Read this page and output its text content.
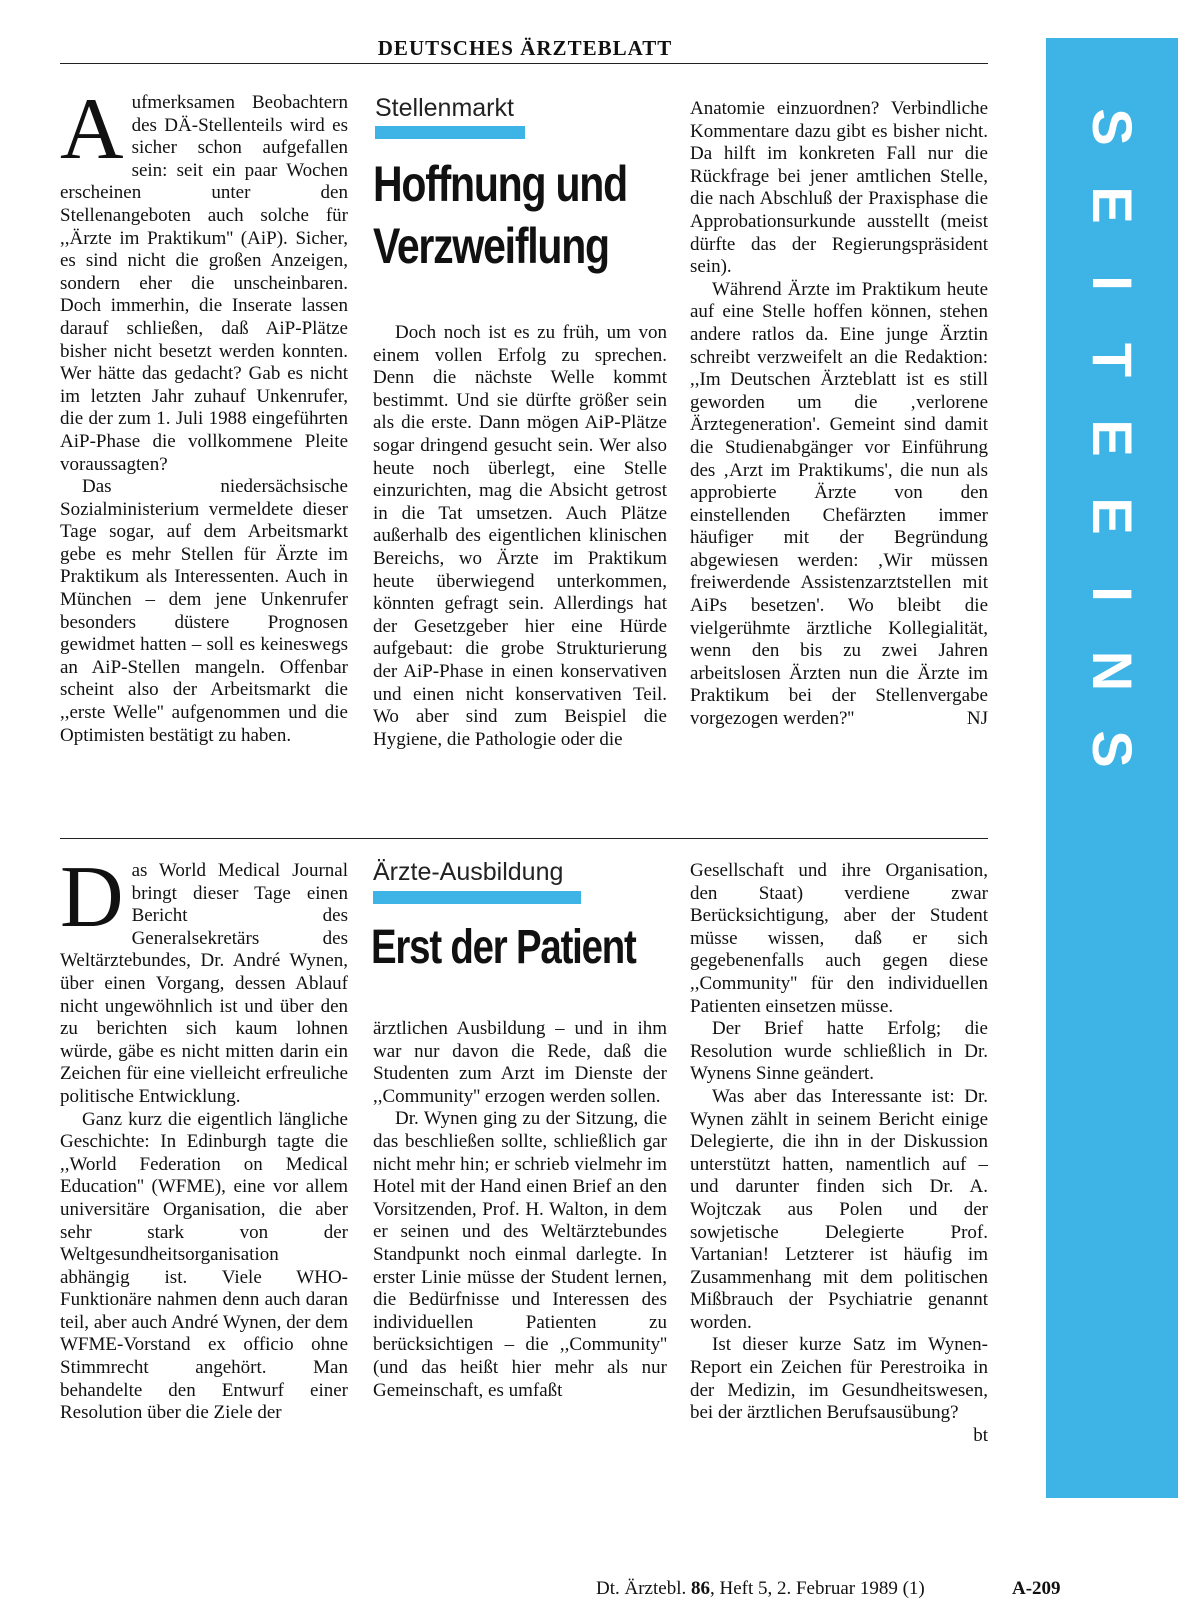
DEUTSCHES ÄRZTEBLATT
S
E
I
T
E
E
I
N
S
A ufmerksamen Beobachtern des DÄ-Stellenteils wird es sicher schon aufgefallen sein: seit ein paar Wochen erscheinen unter den Stellenangeboten auch solche für ,,Ärzte im Praktikum'' (AiP). Sicher, es sind nicht die großen Anzeigen, sondern eher die unscheinbaren. Doch immerhin, die Inserate lassen darauf schließen, daß AiP-Plätze bisher nicht besetzt werden konnten. Wer hätte das gedacht? Gab es nicht im letzten Jahr zuhauf Unkenrufer, die der zum 1. Juli 1988 eingeführten AiP-Phase die vollkommene Pleite voraussagten?

Das niedersächsische Sozialministerium vermeldete dieser Tage sogar, auf dem Arbeitsmarkt gebe es mehr Stellen für Ärzte im Praktikum als Interessenten. Auch in München – dem jene Unkenrufer besonders düstere Prognosen gewidmet hatten – soll es keineswegs an AiP-Stellen mangeln. Offenbar scheint also der Arbeitsmarkt die ,,erste Welle'' aufgenommen und die Optimisten bestätigt zu haben.

Stellenmarkt
Hoffnung und
Verzweiflung

Doch noch ist es zu früh, um von einem vollen Erfolg zu sprechen. Denn die nächste Welle kommt bestimmt. Und sie dürfte größer sein als die erste. Dann mögen AiP-Plätze sogar dringend gesucht sein. Wer also heute noch überlegt, eine Stelle einzurichten, mag die Absicht getrost in die Tat umsetzen. Auch Plätze außerhalb des eigentlichen klinischen Bereichs, wo Ärzte im Praktikum heute überwiegend unterkommen, könnten gefragt sein. Allerdings hat der Gesetzgeber hier eine Hürde aufgebaut: die grobe Strukturierung der AiP-Phase in einen konservativen und einen nicht konservativen Teil. Wo aber sind zum Beispiel die Hygiene, die Pathologie oder die

Anatomie einzuordnen? Verbindliche Kommentare dazu gibt es bisher nicht. Da hilft im konkreten Fall nur die Rückfrage bei jener amtlichen Stelle, die nach Abschluß der Praxisphase die Approbationsurkunde ausstellt (meist dürfte das der Regierungspräsident sein).

Während Ärzte im Praktikum heute auf eine Stelle hoffen können, stehen andere ratlos da. Eine junge Ärztin schreibt verzweifelt an die Redaktion: ,,Im Deutschen Ärzteblatt ist es still geworden um die ‚verlorene Ärztegeneration'. Gemeint sind damit die Studienabgänger vor Einführung des ‚Arzt im Praktikums', die nun als approbierte Ärzte von den einstellenden Chefärzten immer häufiger mit der Begründung abgewiesen werden: ‚Wir müssen freiwerdende Assistenzarztstellen mit AiPs besetzen'. Wo bleibt die vielgerühmte ärztliche Kollegialität, wenn den bis zu zwei Jahren arbeitslosen Ärzten nun die Ärzte im Praktikum bei der Stellenvergabe vorgezogen werden?''	NJ

D as World Medical Journal bringt dieser Tage einen Bericht des Generalsekretärs des Weltärztebundes, Dr. André Wynen, über einen Vorgang, dessen Ablauf nicht ungewöhnlich ist und über den zu berichten sich kaum lohnen würde, gäbe es nicht mitten darin ein Zeichen für eine vielleicht erfreuliche politische Entwicklung.

Ganz kurz die eigentlich längliche Geschichte: In Edinburgh tagte die ,,World Federation on Medical Education'' (WFME), eine vor allem universitäre Organisation, die aber sehr stark von der Weltgesundheitsorganisation abhängig ist. Viele WHO-Funktionäre nahmen denn auch daran teil, aber auch André Wynen, der dem WFME-Vorstand ex officio ohne Stimmrecht angehört. Man behandelte den Entwurf einer Resolution über die Ziele der

Ärzte-Ausbildung
Erst der Patient

ärztlichen Ausbildung – und in ihm war nur davon die Rede, daß die Studenten zum Arzt im Dienste der ,,Community'' erzogen werden sollen.

Dr. Wynen ging zu der Sitzung, die das beschließen sollte, schließlich gar nicht mehr hin; er schrieb vielmehr im Hotel mit der Hand einen Brief an den Vorsitzenden, Prof. H. Walton, in dem er seinen und des Weltärztebundes Standpunkt noch einmal darlegte. In erster Linie müsse der Student lernen, die Bedürfnisse und Interessen des individuellen Patienten zu berücksichtigen – die ,,Community'' (und das heißt hier mehr als nur Gemeinschaft, es umfaßt

Gesellschaft und ihre Organisation, den Staat) verdiene zwar Berücksichtigung, aber der Student müsse wissen, daß er sich gegebenenfalls auch gegen diese ,,Community'' für den individuellen Patienten einsetzen müsse.

Der Brief hatte Erfolg; die Resolution wurde schließlich in Dr. Wynens Sinne geändert.

Was aber das Interessante ist: Dr. Wynen zählt in seinem Bericht einige Delegierte, die ihn in der Diskussion unterstützt hatten, namentlich auf – und darunter finden sich Dr. A. Wojtczak aus Polen und der sowjetische Delegierte Prof. Vartanian! Letzterer ist häufig im Zusammenhang mit dem politischen Mißbrauch der Psychiatrie genannt worden.

Ist dieser kurze Satz im Wynen-Report ein Zeichen für Perestroika in der Medizin, im Gesundheitswesen, bei der ärztlichen Berufsausübung?
bt

Dt. Ärztebl. 86, Heft 5, 2. Februar 1989 (1)	A-209
